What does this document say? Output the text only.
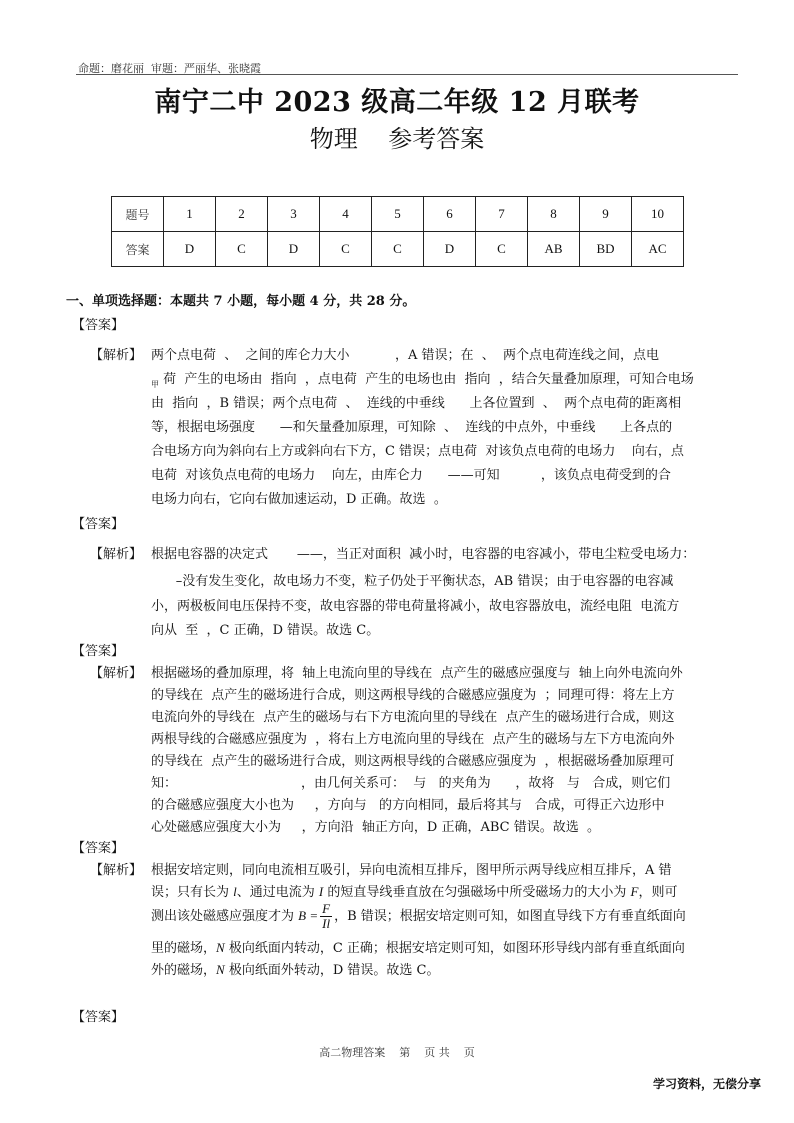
命题：磨花丽  审题：严丽华、张晓霞
南宁二中 2023 级高二年级 12 月联考
物理    参考答案
题号	1	2	3	4	5	6	7	8	9	10
答案	D	C	D	C	C	D	C	AB	BD	AC
一、单项选择题：本题共 7 小题，每小题 4 分，共 28 分。
【答案】
【解析】 两个点电荷  、  之间的库仑力大小           ，A 错误；在  、  两个点电荷连线之间，点电
$_甲$ 荷  产生的电场由  指向  ，点电荷  产生的电场也由  指向  ，结合矢量叠加原理，可知合电场
由  指向  ，B 错误；两个点电荷  、  连线的中垂线      上各位置到  、  两个点电荷的距离相
等，根据电场强度      —和矢量叠加原理，可知除  、  连线的中点外，中垂线      上各点的
合电场方向为斜向右上方或斜向右下方，C 错误；点电荷  对该负点电荷的电场力    向右，点
电荷  对该负点电荷的电场力    向左，由库仑力      ——可知          ，该负点电荷受到的合
电场力向右，它向右做加速运动，D 正确。故选  。
【答案】
【解析】 根据电容器的决定式       ——，当正对面积  减小时，电容器的电容减小，带电尘粒受电场力：
–没有发生变化，故电场力不变，粒子仍处于平衡状态，AB 错误；由于电容器的电容减
小，两极板间电压保持不变，故电容器的带电荷量将减小，故电容器放电，流经电阻  电流方
向从  至  ，C 正确，D 错误。故选 C。
【答案】
【解析】 根据磁场的叠加原理，将  轴上电流向里的导线在  点产生的磁感应强度与  轴上向外电流向外
的导线在  点产生的磁场进行合成，则这两根导线的合磁感应强度为  ；同理可得：将左上方
电流向外的导线在  点产生的磁场与右下方电流向里的导线在  点产生的磁场进行合成，则这
两根导线的合磁感应强度为  ，将右上方电流向里的导线在  点产生的磁场与左下方电流向外
的导线在  点产生的磁场进行合成，则这两根导线的合磁感应强度为  ，根据磁场叠加原理可
知：                              ，由几何关系可：  与   的夹角为      ，故将   与   合成，则它们
的合磁感应强度大小也为     ，方向与   的方向相同，最后将其与   合成，可得正六边形中
心处磁感应强度大小为     ，方向沿  轴正方向，D 正确，ABC 错误。故选  。
【答案】
【解析】 根据安培定则，同向电流相互吸引，异向电流相互排斥，图甲所示两导线应相互排斥，A 错
误；只有长为 l、通过电流为 I 的短直导线垂直放在匀强磁场中所受磁场力的大小为 F，则可
测出该处磁感应强度才为 $B = \frac{F}{Il}$ ，B 错误；根据安培定则可知，如图直导线下方有垂直纸面向
里的磁场，N 极向纸面内转动，C 正确；根据安培定则可知，如图环形导线内部有垂直纸面向
外的磁场，N 极向纸面外转动，D 错误。故选 C。
【答案】
高二物理答案    第    页 共    页
学习资料，无偿分享
